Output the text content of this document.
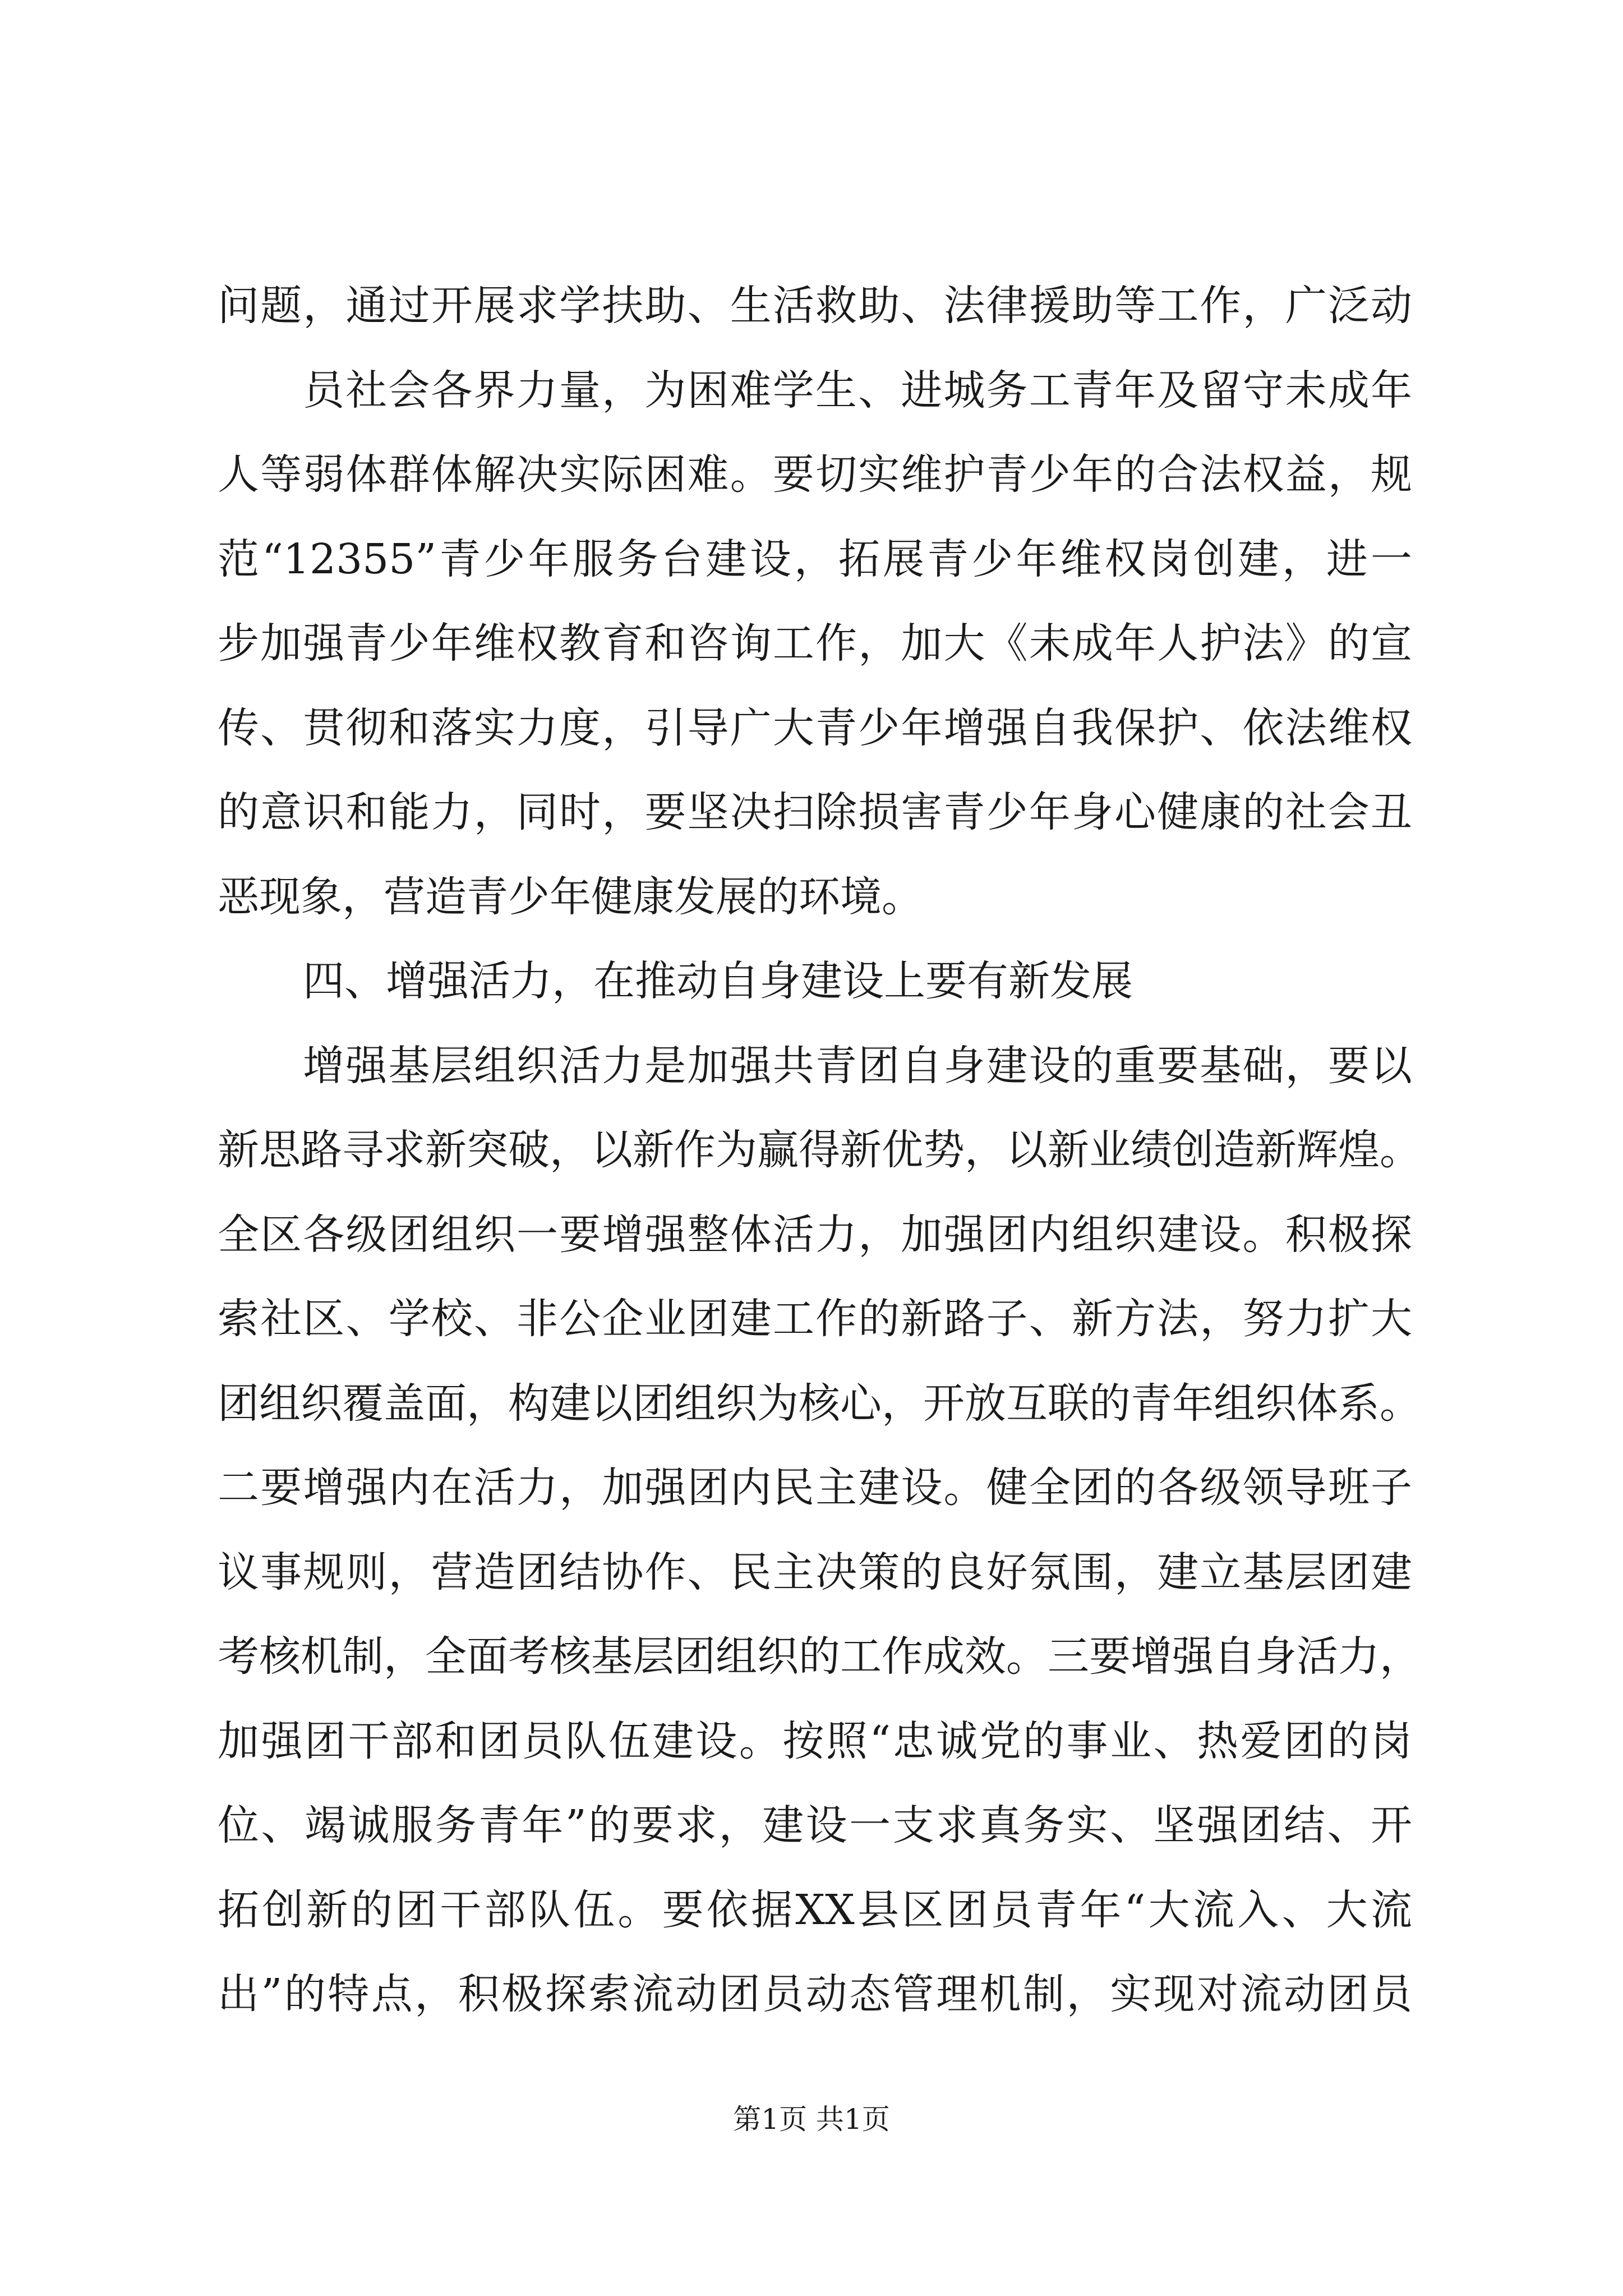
问题，通过开展求学扶助、生活救助、法律援助等工作，广泛动
员社会各界力量，为困难学生、进城务工青年及留守未成年
人等弱体群体解决实际困难。要切实维护青少年的合法权益，规
范“12355”青少年服务台建设，拓展青少年维权岗创建，进一
步加强青少年维权教育和咨询工作，加大《未成年人护法》的宣
传、贯彻和落实力度，引导广大青少年增强自我保护、依法维权
的意识和能力，同时，要坚决扫除损害青少年身心健康的社会丑
恶现象，营造青少年健康发展的环境。
四、增强活力，在推动自身建设上要有新发展
增强基层组织活力是加强共青团自身建设的重要基础，要以
新思路寻求新突破，以新作为赢得新优势，以新业绩创造新辉煌。
全区各级团组织一要增强整体活力，加强团内组织建设。积极探
索社区、学校、非公企业团建工作的新路子、新方法，努力扩大
团组织覆盖面，构建以团组织为核心，开放互联的青年组织体系。
二要增强内在活力，加强团内民主建设。健全团的各级领导班子
议事规则，营造团结协作、民主决策的良好氛围，建立基层团建
考核机制，全面考核基层团组织的工作成效。三要增强自身活力，
加强团干部和团员队伍建设。按照“忠诚党的事业、热爱团的岗
位、竭诚服务青年”的要求，建设一支求真务实、坚强团结、开
拓创新的团干部队伍。要依据XX县区团员青年“大流入、大流
出”的特点，积极探索流动团员动态管理机制，实现对流动团员
第1页 共1页
